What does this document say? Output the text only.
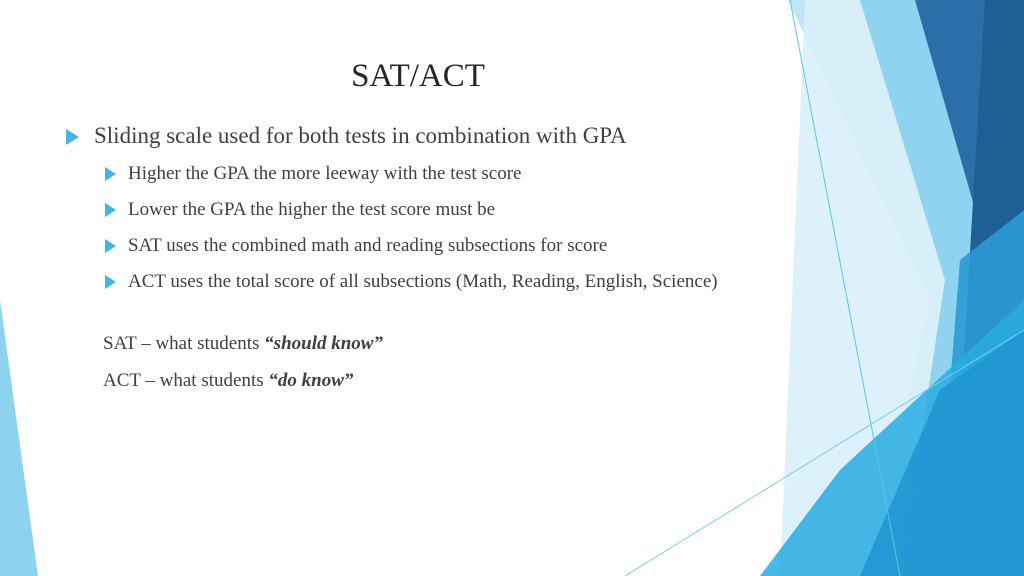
SAT/ACT
Sliding scale used for both tests in combination with GPA
Higher the GPA the more leeway with the test score
Lower the GPA the higher the test score must be
SAT uses the combined math and reading subsections for score
ACT uses the total score of all subsections (Math, Reading, English, Science)
SAT – what students “should know”
ACT – what students “do know”
